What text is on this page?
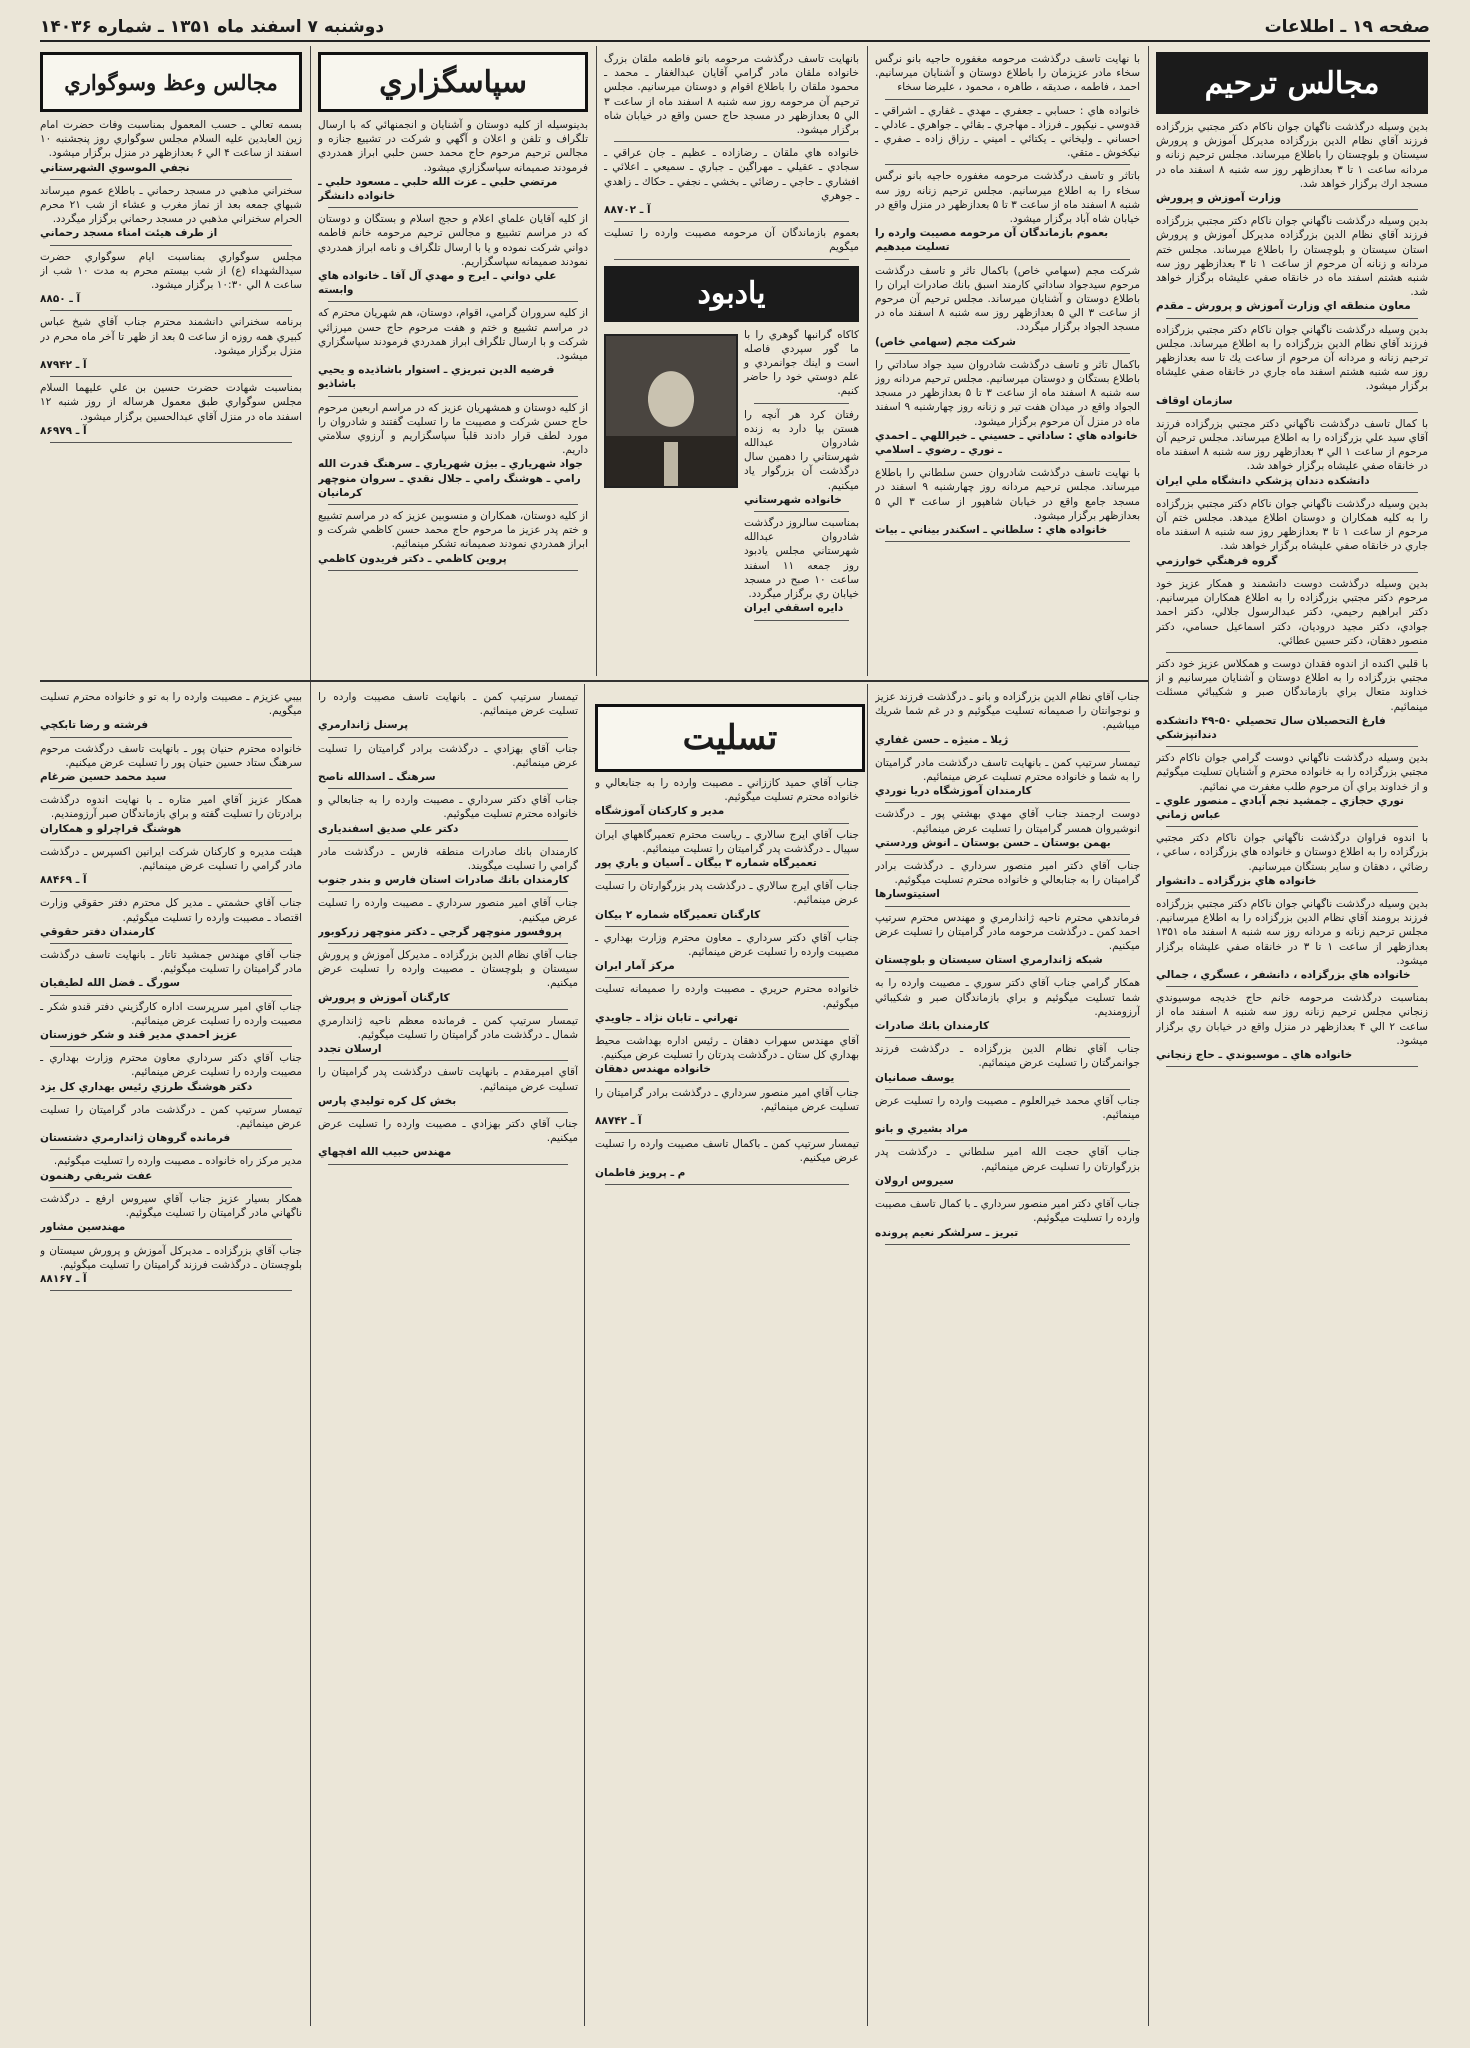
صفحه ۱۹ ـ اطلاعات
دوشنبه ۷ اسفند ماه ۱۳۵۱ ـ شماره ۱۴۰۳۶
مجالس ترحيم
بدين وسيله درگذشت ناگهان جوان ناكام دكتر مجتبي بزرگزاده فرزند آقاي نظام الدين بزرگزاده مديركل آموزش و پرورش سيستان و بلوچستان را باطلاع ميرساند. مجلس ترحيم زنانه و مردانه ساعت ۱ تا ۳ بعدازظهر روز سه شنبه ۸ اسفند ماه در مسجد ارك برگزار خواهد شد.
وزارت آموزش و پرورش
بدين وسيله درگذشت ناگهاني جوان ناكام دكتر مجتبي بزرگزاده فرزند آقاي نظام الدين بزرگزاده مديركل آموزش و پرورش استان سيستان و بلوچستان را باطلاع ميرساند. مجلس ختم مردانه و زنانه آن مرحوم از ساعت ۱ تا ۳ بعدازظهر روز سه شنبه هشتم اسفند ماه در خانقاه صفي عليشاه برگزار خواهد شد.
معاون منطقه اي وزارت آموزش و پرورش ـ مقدم
بدين وسيله درگذشت ناگهاني جوان ناكام دكتر مجتبي بزرگزاده فرزند آقاي نظام الدين بزرگزاده را به اطلاع ميرساند. مجلس ترحيم زنانه و مردانه آن مرحوم از ساعت يك تا سه بعدازظهر روز سه شنبه هشتم اسفند ماه جاري در خانقاه صفي عليشاه برگزار ميشود.
سازمان اوقاف
با كمال تاسف درگذشت ناگهاني دكتر مجتبي بزرگزاده فرزند آقاي سيد علي بزرگزاده را به اطلاع ميرساند. مجلس ترحيم آن مرحوم از ساعت ۱ الي ۳ بعدازظهر روز سه شنبه ۸ اسفند ماه در خانقاه صفي عليشاه برگزار خواهد شد.
دانشكده دندان پزشكي دانشگاه ملي ايران
بدين وسيله درگذشت ناگهاني جوان ناكام دكتر مجتبي بزرگزاده را به كليه همكاران و دوستان اطلاع ميدهد. مجلس ختم آن مرحوم از ساعت ۱ تا ۳ بعدازظهر روز سه شنبه ۸ اسفند ماه جاري در خانقاه صفي عليشاه برگزار خواهد شد.
گروه فرهنگي خوارزمي
بدين وسيله درگذشت دوست دانشمند و همكار عزيز خود مرحوم دكتر مجتبي بزرگزاده را به اطلاع همكاران ميرسانيم. دكتر ابراهيم رحيمي، دكتر عبدالرسول جلالي، دكتر احمد جوادي، دكتر مجيد درودیان، دكتر اسماعيل حسامي، دكتر منصور دهقان، دكتر حسين عطائي.
با قلبي اكنده از اندوه فقدان دوست و همكلاس عزيز خود دكتر مجتبي بزرگزاده را به اطلاع دوستان و آشنايان ميرسانيم و از خداوند متعال براي بازماندگان صبر و شكيبائي مسئلت مينمائيم.
فارغ التحصيلان سال تحصيلي ۵۰-۴۹ دانشكده دندانپزشكي
بدين وسيله درگذشت ناگهاني دوست گرامي جوان ناكام دكتر مجتبي بزرگزاده را به خانواده محترم و آشنايان تسليت ميگوئيم و از خداوند براي آن مرحوم طلب مغفرت مي نمائيم.
نوري حجازي ـ جمشيد نجم آبادي ـ منصور علوي ـ عباس زماني
با اندوه فراوان درگذشت ناگهاني جوان ناكام دكتر مجتبي بزرگزاده را به اطلاع دوستان و خانواده هاي بزرگزاده ، ساعي ، رضائي ، دهقان و ساير بستگان ميرسانيم.
خانواده هاي بزرگزاده ـ دانشوار
بدين وسيله درگذشت ناگهاني جوان ناكام دكتر مجتبي بزرگزاده فرزند برومند آقاي نظام الدين بزرگزاده را به اطلاع ميرسانيم. مجلس ترحيم زنانه و مردانه روز سه شنبه ۸ اسفند ماه ۱۳۵۱ بعدازظهر از ساعت ۱ تا ۳ در خانقاه صفي عليشاه برگزار ميشود.
خانواده هاي بزرگزاده ، دانشفر ، عسگري ، جمالي
بمناسبت درگذشت مرحومه خانم حاج خديجه موسيوندي زنجاني مجلس ترحيم زنانه روز سه شنبه ۸ اسفند ماه از ساعت ۲ الي ۴ بعدازظهر در منزل واقع در خيابان ري برگزار ميشود.
خانواده هاي ـ موسيوندي ـ حاج زنجاني
با نهايت تاسف درگذشت مرحومه مغفوره حاجيه بانو نرگس سخاء مادر عزيزمان را باطلاع دوستان و آشنايان ميرسانيم. احمد ، فاطمه ، صديقه ، طاهره ، محمود ، عليرضا سخاء
خانواده هاي : حسابي ـ جعفري ـ مهدي ـ غفاري ـ اشراقي ـ قدوسي ـ نيكپور ـ فرزاد ـ مهاجري ـ بقائي ـ جواهري ـ عادلي ـ احساني ـ وليخاني ـ يكتائي ـ اميني ـ رزاق زاده ـ صفري ـ نيكخوش ـ متقي.
باتاثر و تاسف درگذشت مرحومه مغفوره حاجيه بانو نرگس سخاء را به اطلاع ميرسانيم. مجلس ترحيم زنانه روز سه شنبه ۸ اسفند ماه از ساعت ۳ تا ۵ بعدازظهر در منزل واقع در خيابان شاه آباد برگزار ميشود.
بعموم بازماندگان آن مرحومه مصيبت وارده را تسليت ميدهيم
شركت مجم (سهامي خاص) باكمال تاثر و تاسف درگذشت مرحوم سيدجواد ساداتي كارمند اسبق بانك صادرات ايران را باطلاع دوستان و آشنايان ميرساند. مجلس ترحيم آن مرحوم از ساعت ۳ الي ۵ بعدازظهر روز سه شنبه ۸ اسفند ماه در مسجد الجواد برگزار ميگردد.
شركت مجم (سهامي خاص)
باكمال تاثر و تاسف درگذشت شادروان سيد جواد ساداتي را باطلاع بستگان و دوستان ميرسانيم. مجلس ترحيم مردانه روز سه شنبه ۸ اسفند ماه از ساعت ۳ تا ۵ بعدازظهر در مسجد الجواد واقع در ميدان هفت تير و زنانه روز چهارشنبه ۹ اسفند ماه در منزل آن مرحوم برگزار ميشود.
خانواده هاي : ساداتي ـ حسيني ـ خيراللهي ـ احمدي ـ نوري ـ رضوي ـ اسلامي
با نهايت تاسف درگذشت شادروان حسن سلطاني را باطلاع ميرساند. مجلس ترحيم مردانه روز چهارشنبه ۹ اسفند در مسجد جامع واقع در خيابان شاهپور از ساعت ۳ الي ۵ بعدازظهر برگزار ميشود.
خانواده هاي : سلطاني ـ اسكندر بيناني ـ بيات
بانهايت تاسف درگذشت مرحومه بانو فاطمه ملقان بزرگ خانواده ملقان مادر گرامي آقايان عبدالغفار ـ محمد ـ محمود ملقان را باطلاع اقوام و دوستان ميرسانيم. مجلس ترحيم آن مرحومه روز سه شنبه ۸ اسفند ماه از ساعت ۳ الي ۵ بعدازظهر در مسجد حاج حسن واقع در خيابان شاه برگزار ميشود.
خانواده هاي ملقان ـ رضازاده ـ عظيم ـ جان عراقي ـ سجادي ـ عقيلي ـ مهراگين ـ جباري ـ سميعي ـ اعلائي ـ افشاري ـ حاجي ـ رضائي ـ بخشي ـ نجفي ـ حكاك ـ زاهدي ـ جوهري
آ ـ ۸۸۷۰۲
بعموم بازماندگان آن مرحومه مصيبت وارده را تسليت ميگويم
يادبود
كاكاه گرانبها گوهري را با ما گور سپردي فاصله است و اينك جوانمردي و علم دوستي خود را حاضر كنيم.
رفتان كرد هر آنچه را هستن بپا دارد به زنده شادروان عبدالله شهرستاني را دهمين سال درگذشت آن بزرگوار ياد ميكنيم.
خانواده شهرستاني
بمناسبت سالروز درگذشت شادروان عبدالله شهرستاني مجلس يادبود روز جمعه ۱۱ اسفند ساعت ۱۰ صبح در مسجد خيابان ري برگزار ميگردد.
دايره اسقفي ايران
سپاسگزاري
بدينوسيله از كليه دوستان و آشنايان و انجمنهائي كه با ارسال تلگراف و تلفن و اعلان و آگهي و شركت در تشييع جنازه و مجالس ترحيم مرحوم حاج محمد حسن حلبي ابراز همدردي فرمودند صميمانه سپاسگزاري ميشود.
مرتضي حلبي ـ عزت الله حلبي ـ مسعود حلبي ـ خانواده دانشگر
از كليه آقايان علماي اعلام و حجج اسلام و بستگان و دوستان كه در مراسم تشييع و مجالس ترحيم مرحومه خانم فاطمه دواني شركت نموده و يا با ارسال تلگراف و نامه ابراز همدردي نمودند صميمانه سپاسگزاريم.
علي دواني ـ ايرج و مهدي آل آقا ـ خانواده هاي وابسته
از كليه سروران گرامي، اقوام، دوستان، هم شهريان محترم كه در مراسم تشييع و ختم و هفت مرحوم حاج حسن ميرزائي شركت و با ارسال تلگراف ابراز همدردي فرمودند سپاسگزاري ميشود.
قرضيه الدين تبريزي ـ استوار باشاذيده و يحيي باشاذيو
از كليه دوستان و همشهريان عزيز كه در مراسم اربعين مرحوم حاج حسن شركت و مصيبت ما را تسليت گفتند و شادروان را مورد لطف قرار دادند قلباً سپاسگزاريم و آرزوي سلامتي داريم.
جواد شهرياري ـ بيژن شهرياري ـ سرهنگ قدرت الله رامي ـ هوشنگ رامي ـ جلال نقدي ـ سروان منوچهر كرمانيان
از كليه دوستان، همكاران و منسوبين عزيز كه در مراسم تشييع و ختم پدر عزيز ما مرحوم حاج محمد حسن كاظمي شركت و ابراز همدردي نمودند صميمانه تشكر مينمائيم.
پروين كاظمي ـ دكتر فريدون كاظمي
مجالس وعظ وسوگواري
بسمه تعالي ـ حسب المعمول بمناسبت وفات حضرت امام زين العابدين عليه السلام مجلس سوگواري روز پنجشنبه ۱۰ اسفند از ساعت ۴ الي ۶ بعدازظهر در منزل برگزار ميشود.
نجفي الموسوي الشهرستاني
سخنراني مذهبي در مسجد رحماني ـ باطلاع عموم ميرساند شبهاي جمعه بعد از نماز مغرب و عشاء از شب ۲۱ محرم الحرام سخنراني مذهبي در مسجد رحماني برگزار ميگردد.
از طرف هيئت امناء مسجد رحماني
مجلس سوگواري بمناسبت ايام سوگواري حضرت سيدالشهداء (ع) از شب بيستم محرم به مدت ۱۰ شب از ساعت ۸ الي ۱۰:۳۰ برگزار ميشود.
آ ـ ۸۸۵۰
برنامه سخنراني دانشمند محترم جناب آقاي شيخ عباس كبيري همه روزه از ساعت ۵ بعد از ظهر تا آخر ماه محرم در منزل برگزار ميشود.
آ ـ ۸۷۹۴۲
بمناسبت شهادت حضرت حسين بن علي عليهما السلام مجلس سوگواري طبق معمول هرساله از روز شنبه ۱۲ اسفند ماه در منزل آقاي عبدالحسين برگزار ميشود.
آ ـ ۸۶۹۷۹
تسليت
جناب آقاي نظام الدين بزرگزاده و بانو ـ درگذشت فرزند عزيز و نوجوانتان را صميمانه تسليت ميگوئيم و در غم شما شريك ميباشيم.
ژيلا ـ منيژه ـ حسن غفاري
تيمسار سرتيپ كمن ـ بانهايت تاسف درگذشت مادر گراميتان را به شما و خانواده محترم تسليت عرض مينمائيم.
كارمندان آموزشگاه دريا نوردي
دوست ارجمند جناب آقاي مهدي بهشتي پور ـ درگذشت انوشيروان همسر گراميتان را تسليت عرض مينمائيم.
بهمن بوستان ـ حسن بوستان ـ انوش وردستي
جناب آقاي دكتر امير منصور سرداري ـ درگذشت برادر گراميتان را به جنابعالي و خانواده محترم تسليت ميگوئيم.
استيتوسارها
فرماندهي محترم ناحيه ژاندارمري و مهندس محترم سرتيپ احمد كمن ـ درگذشت مرحومه مادر گراميتان را تسليت عرض ميكنيم.
شبكه ژاندارمري استان سيستان و بلوچستان
همكار گرامي جناب آقاي دكتر سوري ـ مصيبت وارده را به شما تسليت ميگوئيم و براي بازماندگان صبر و شكيبائي آرزومنديم.
كارمندان بانك صادرات
جناب آقاي نظام الدين بزرگزاده ـ درگذشت فرزند جوانمرگتان را تسليت عرض مينمائيم.
يوسف صمانيان
جناب آقاي محمد خيرالعلوم ـ مصيبت وارده را تسليت عرض مينمائيم.
مراد بشيري و بانو
جناب آقاي حجت الله امير سلطاني ـ درگذشت پدر بزرگوارتان را تسليت عرض مينمائيم.
سيروس ارولان
جناب آقاي دكتر امير منصور سرداري ـ با كمال تاسف مصيبت وارده را تسليت ميگوئيم.
تبريز ـ سرلشكر نعيم پرونده
جناب آقاي حميد كاززاني ـ مصيبت وارده را به جنابعالي و خانواده محترم تسليت ميگوئيم.
مدير و كاركنان آموزشگاه
جناب آقاي ايرج سالاري ـ رياست محترم تعميرگاههاي ايران سپيال ـ درگذشت پدر گراميتان را تسليت مينمائيم.
تعميرگاه شماره ۳ بيگان ـ آسيان و ياري پور
جناب آقاي ايرج سالاري ـ درگذشت پدر بزرگوارتان را تسليت عرض مينمائيم.
كارگنان تعميرگاه شماره ۲ بيكان
جناب آقاي دكتر سرداري ـ معاون محترم وزارت بهداري ـ مصيبت وارده را تسليت عرض مينمائيم.
مركز آمار ايران
خانواده محترم حريري ـ مصيبت وارده را صميمانه تسليت ميگوئيم.
تهراني ـ تابان نژاد ـ جاويدي
آقاي مهندس سهراب دهقان ـ رئيس اداره بهداشت محيط بهداري كل ستان ـ درگذشت پدرتان را تسليت عرض ميكنيم.
خانواده مهندس دهقان
جناب آقاي امير منصور سرداري ـ درگذشت برادر گراميتان را تسليت عرض مينمائيم.
آ ـ ۸۸۷۴۲
تيمسار سرتيپ كمن ـ باكمال تاسف مصيبت وارده را تسليت عرض ميكنيم.
م ـ پرويز فاطمان
تيمسار سرتيپ كمن ـ بانهايت تاسف مصيبت وارده را تسليت عرض مينمائيم.
پرسنل ژاندارمري
جناب آقاي بهزادي ـ درگذشت برادر گراميتان را تسليت عرض مينمائيم.
سرهنگ ـ اسدالله ناصح
جناب آقاي دكتر سرداري ـ مصيبت وارده را به جنابعالي و خانواده محترم تسليت ميگوئيم.
دكتر علي صديق اسفنديارى
كارمندان بانك صادرات منطقه فارس ـ درگذشت مادر گرامي را تسليت ميگويند.
كارمندان بانك صادرات استان فارس و بندر جنوب
جناب آقاي امير منصور سرداري ـ مصيبت وارده را تسليت عرض ميكنيم.
پروفسور منوچهر گرجي ـ دكتر منوچهر زركوبور
جناب آقاي نظام الدين بزرگزاده ـ مديركل آموزش و پرورش سيستان و بلوچستان ـ مصيبت وارده را تسليت عرض ميكنيم.
كارگنان آموزش و پرورش
تيمسار سرتيپ كمن ـ فرمانده معظم ناحيه ژاندارمري شمال ـ درگذشت مادر گراميتان را تسليت ميگوئيم.
ارسلان تجدد
آقاي اميرمقدم ـ بانهايت تاسف درگذشت پدر گراميتان را تسليت عرض مينمائيم.
بخش كل كره توليدي پارس
جناب آقاي دكتر بهزادي ـ مصيبت وارده را تسليت عرض ميكنيم.
مهندس حبيب الله افچهاي
بيبي عزيزم ـ مصيبت وارده را به تو و خانواده محترم تسليت ميگويم.
فرشته و رضا تابكچي
خانواده محترم حنيان پور ـ بانهايت تاسف درگذشت مرحوم سرهنگ ستاد حسين حنيان پور را تسليت عرض ميكنيم.
سيد محمد حسين ضرغام
همكار عزيز آقاي امير متاره ـ با نهايت اندوه درگذشت برادرتان را تسليت گفته و براي بازماندگان صبر آرزومنديم.
هوشنگ قراچرلو و همكاران
هيئت مديره و كاركنان شركت ايرانين اكسپرس ـ درگذشت مادر گرامي را تسليت عرض مينمائيم.
آ ـ ۸۸۴۶۹
جناب آقاي حشمتي ـ مدير كل محترم دفتر حقوقي وزارت اقتصاد ـ مصيبت وارده را تسليت ميگوئيم.
كارمندان دفتر حقوقي
جناب آقاي مهندس جمشيد تاتار ـ بانهايت تاسف درگذشت مادر گراميتان را تسليت ميگوئيم.
سورگ ـ فضل الله لطيفيان
جناب آقاي امير سرپرست اداره كارگزيني دفتر قندو شكر ـ مصيبت وارده را تسليت عرض مينمائيم.
عزيز احمدي مدير قند و شكر خوزستان
جناب آقاي دكتر سرداري معاون محترم وزارت بهداري ـ مصيبت وارده را تسليت عرض مينمائيم.
دكتر هوشنگ طرزي رئيس بهداري كل يزد
تيمسار سرتيپ كمن ـ درگذشت مادر گراميتان را تسليت عرض مينمائيم.
فرمانده گروهان ژاندارمري دشتستان
مدير مركز راه خانواده ـ مصيبت وارده را تسليت ميگوئيم.
عفت شريفي رهنمون
همكار بسيار عزيز جناب آقاي سيروس ارفع ـ درگذشت ناگهاني مادر گراميتان را تسليت ميگوئيم.
مهندسين مشاور
جناب آقاي بزرگزاده ـ مديركل آموزش و پرورش سيستان و بلوچستان ـ درگذشت فرزند گراميتان را تسليت ميگوئيم.
آ ـ ۸۸۱۶۷
